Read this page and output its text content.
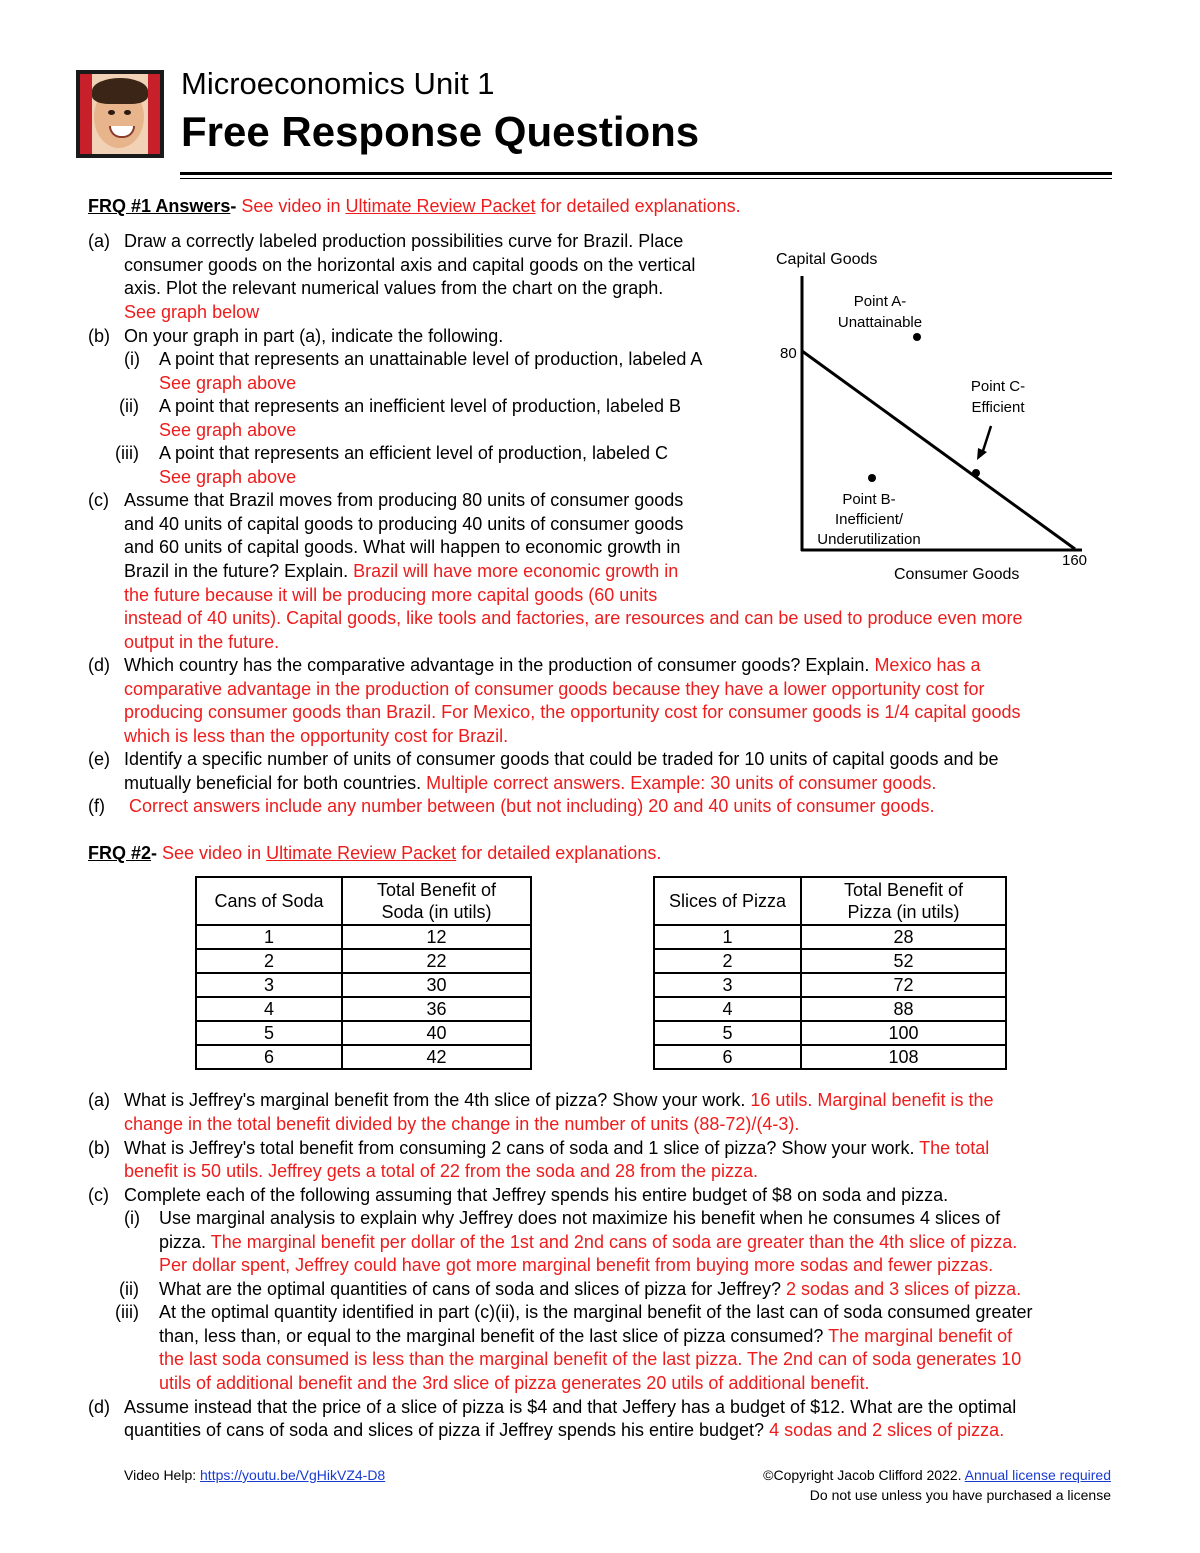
Microeconomics Unit 1
Free Response Questions
FRQ #1 Answers- See video in Ultimate Review Packet for detailed explanations.
(a) Draw a correctly labeled production possibilities curve for Brazil. Place
consumer goods on the horizontal axis and capital goods on the vertical
axis. Plot the relevant numerical values from the chart on the graph.
See graph below
(b) On your graph in part (a), indicate the following.
(i) A point that represents an unattainable level of production, labeled A
See graph above
(ii) A point that represents an inefficient level of production, labeled B
See graph above
(iii) A point that represents an efficient level of production, labeled C
See graph above
(c) Assume that Brazil moves from producing 80 units of consumer goods
and 40 units of capital goods to producing 40 units of consumer goods
and 60 units of capital goods. What will happen to economic growth in
Brazil in the future? Explain. Brazil will have more economic growth in
the future because it will be producing more capital goods (60 units
instead of 40 units). Capital goods, like tools and factories, are resources and can be used to produce even more
output in the future.
(d) Which country has the comparative advantage in the production of consumer goods? Explain. Mexico has a
comparative advantage in the production of consumer goods because they have a lower opportunity cost for
producing consumer goods than Brazil. For Mexico, the opportunity cost for consumer goods is 1/4 capital goods
which is less than the opportunity cost for Brazil.
(e) Identify a specific number of units of consumer goods that could be traded for 10 units of capital goods and be
mutually beneficial for both countries. Multiple correct answers. Example: 30 units of consumer goods.
(f) Correct answers include any number between (but not including) 20 and 40 units of consumer goods.
Capital Goods
80
160
Consumer Goods
Point A-
Unattainable
Point C-
Efficient
Point B-
Inefficient/
Underutilization
FRQ #2- See video in Ultimate Review Packet for detailed explanations.
Cans of Soda	Total Benefit of
Soda (in utils)
1	12
2	22
3	30
4	36
5	40
6	42
Slices of Pizza	Total Benefit of
Pizza (in utils)
1	28
2	52
3	72
4	88
5	100
6	108
(a) What is Jeffrey's marginal benefit from the 4th slice of pizza? Show your work. 16 utils. Marginal benefit is the
change in the total benefit divided by the change in the number of units (88-72)/(4-3).
(b) What is Jeffrey's total benefit from consuming 2 cans of soda and 1 slice of pizza? Show your work. The total
benefit is 50 utils. Jeffrey gets a total of 22 from the soda and 28 from the pizza.
(c) Complete each of the following assuming that Jeffrey spends his entire budget of $8 on soda and pizza.
(i) Use marginal analysis to explain why Jeffrey does not maximize his benefit when he consumes 4 slices of
pizza. The marginal benefit per dollar of the 1st and 2nd cans of soda are greater than the 4th slice of pizza.
Per dollar spent, Jeffrey could have got more marginal benefit from buying more sodas and fewer pizzas.
(ii) What are the optimal quantities of cans of soda and slices of pizza for Jeffrey? 2 sodas and 3 slices of pizza.
(iii) At the optimal quantity identified in part (c)(ii), is the marginal benefit of the last can of soda consumed greater
than, less than, or equal to the marginal benefit of the last slice of pizza consumed? The marginal benefit of
the last soda consumed is less than the marginal benefit of the last pizza. The 2nd can of soda generates 10
utils of additional benefit and the 3rd slice of pizza generates 20 utils of additional benefit.
(d) Assume instead that the price of a slice of pizza is $4 and that Jeffery has a budget of $12. What are the optimal
quantities of cans of soda and slices of pizza if Jeffrey spends his entire budget? 4 sodas and 2 slices of pizza.
Video Help: https://youtu.be/VgHikVZ4-D8	©Copyright Jacob Clifford 2022. Annual license required
Do not use unless you have purchased a license
